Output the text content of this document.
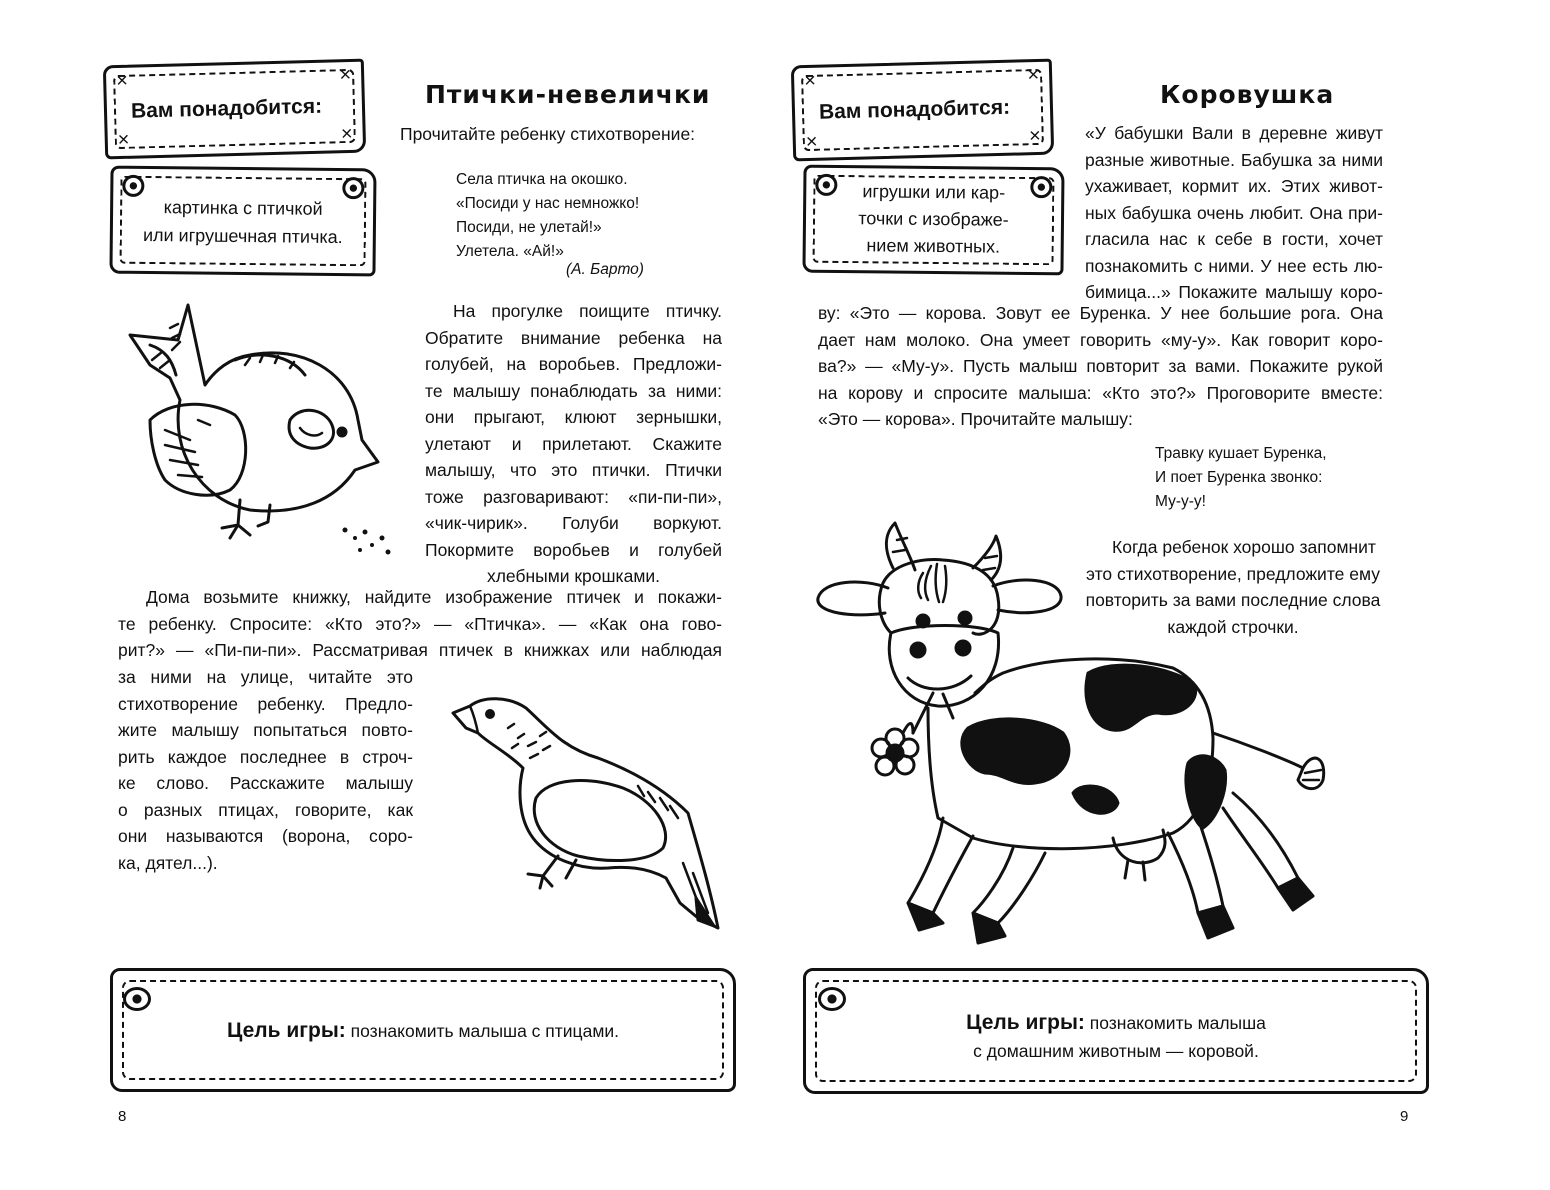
×	×
×	×
Вам понадобится:
картинка с птичкой
или игрушечная птичка.
Птички-невелички
Прочитайте ребенку стихотворение:
Села птичка на окошко.
«Посиди у нас немножко!
Посиди, не улетай!»
Улетела. «Ай!»
(А. Барто)
На прогулке поищите птичку.
Обратите внимание ребенка на
голубей, на воробьев. Предложи-
те малышу понаблюдать за ними:
они прыгают, клюют зернышки,
улетают и прилетают. Скажите
малышу, что это птички. Птички
тоже разговаривают: «пи-пи-пи»,
«чик-чирик». Голуби воркуют.
Покормите воробьев и голубей
хлебными крошками.
Дома возьмите книжку, найдите изображение птичек и покажи-
те ребенку. Спросите: «Кто это?» — «Птичка». — «Как она гово-
рит?» — «Пи-пи-пи». Рассматривая птичек в книжках или наблюдая
за ними на улице, читайте это
стихотворение ребенку. Предло-
жите малышу попытаться повто-
рить каждое последнее в строч-
ке слово. Расскажите малышу
о разных птицах, говорите, как
они называются (ворона, соро-
ка, дятел...).
Цель игры: познакомить малыша с птицами.
8
×	×
×	×
Вам понадобится:
игрушки или кар-
точки с изображе-
нием животных.
Коровушка
«У бабушки Вали в деревне живут
разные животные. Бабушка за ними
ухаживает, кормит их. Этих живот-
ных бабушка очень любит. Она при-
гласила нас к себе в гости, хочет
познакомить с ними. У нее есть лю-
бимица...» Покажите малышу коро-
ву: «Это — корова. Зовут ее Буренка. У нее большие рога. Она
дает нам молоко. Она умеет говорить «му-у». Как говорит коро-
ва?» — «Му-у». Пусть малыш повторит за вами. Покажите рукой
на корову и спросите малыша: «Кто это?» Проговорите вместе:
«Это — корова». Прочитайте малышу:
Травку кушает Буренка,
И поет Буренка звонко:
Му-у-у!
Когда ребенок хорошо запомнит
это стихотворение, предложите ему
повторить за вами последние слова
каждой строчки.
Цель игры: познакомить малыша
с домашним животным — коровой.
9
